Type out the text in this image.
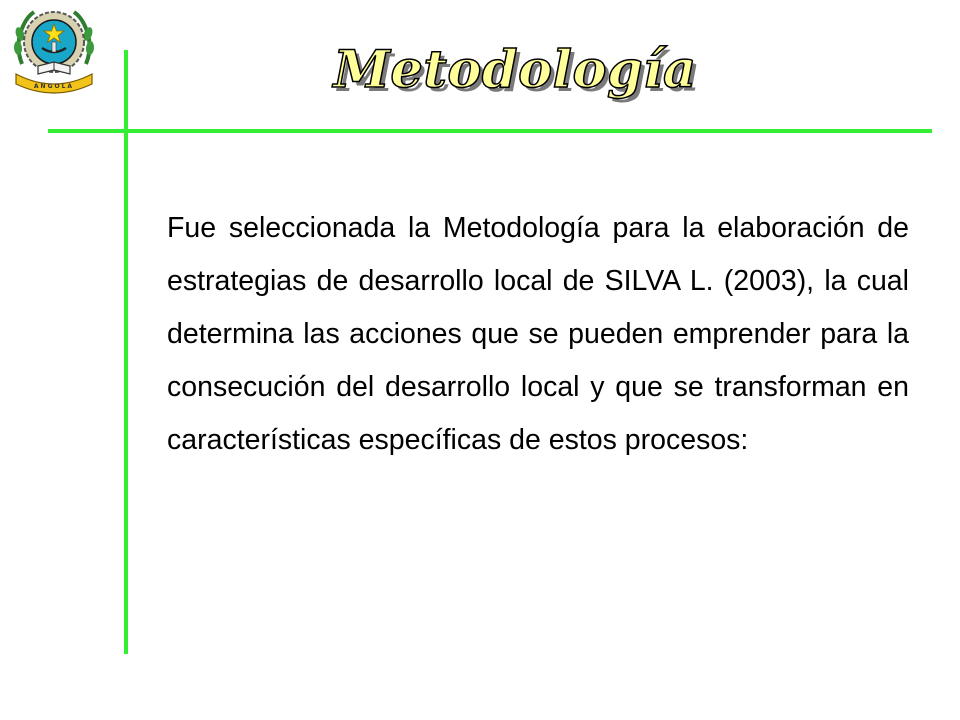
ANGOLA	Metodología

Fue seleccionada la Metodología para la elaboración de estrategias de desarrollo local de SILVA L. (2003), la cual determina las acciones que se pueden emprender para la consecución del desarrollo local y que se transforman en características específicas de estos procesos:
